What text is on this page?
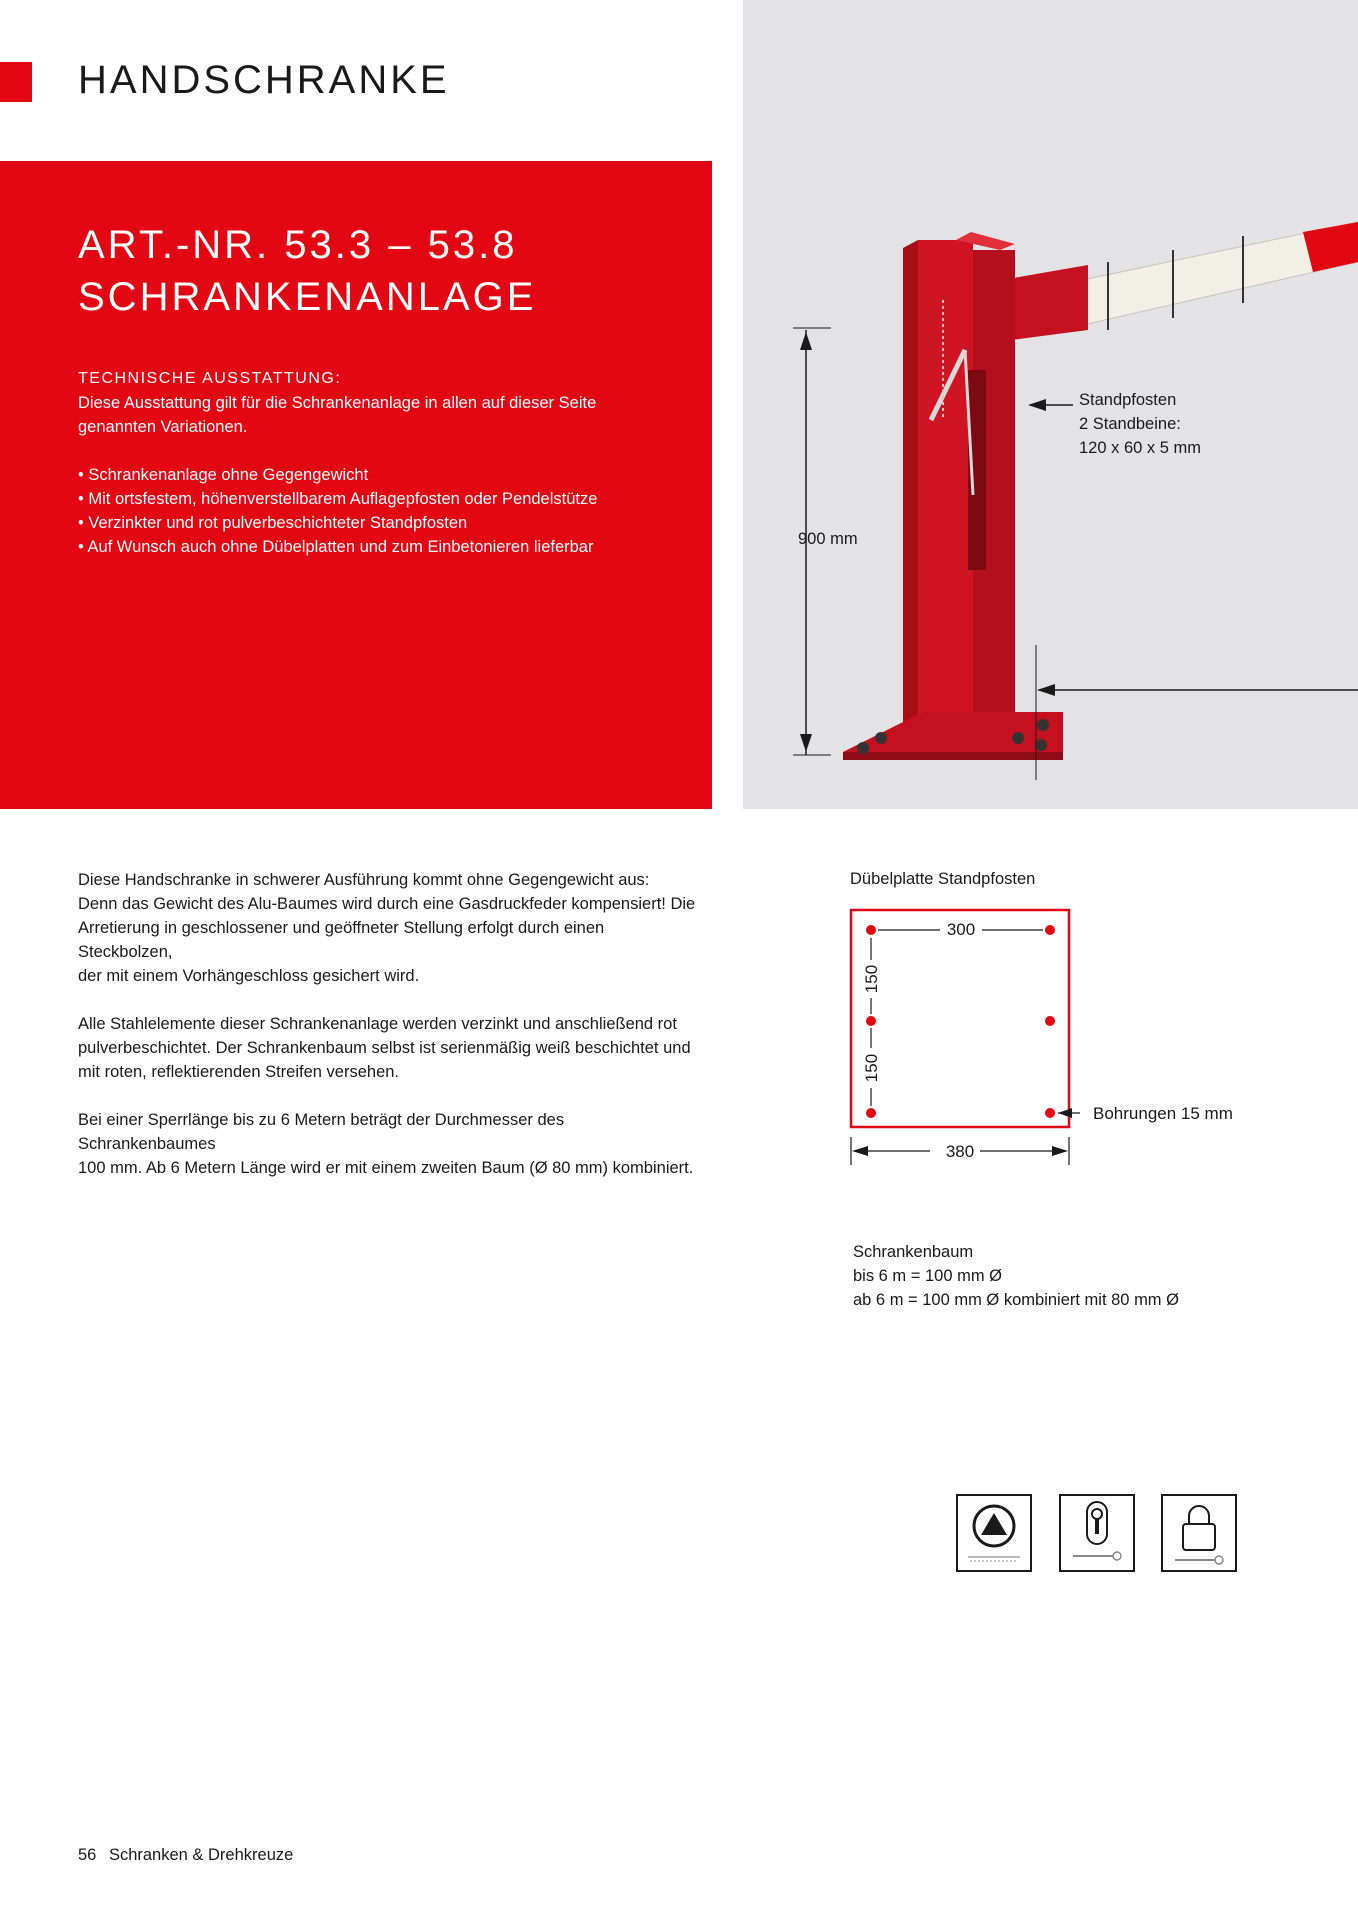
HANDSCHRANKE
ART.-NR. 53.3 – 53.8
SCHRANKENANLAGE
TECHNISCHE AUSSTATTUNG:
Diese Ausstattung gilt für die Schrankenanlage in allen auf dieser Seite
genannten Variationen.
• Schrankenanlage ohne Gegengewicht
• Mit ortsfestem, höhenverstellbarem Auflagepfosten oder Pendelstütze
• Verzinkter und rot pulverbeschichteter Standpfosten
• Auf Wunsch auch ohne Dübelplatten und zum Einbetonieren lieferbar	900 mm
Standpfosten
2 Standbeine:
120 x 60 x 5 mm

Diese Handschranke in schwerer Ausführung kommt ohne Gegengewicht aus:
Denn das Gewicht des Alu-Baumes wird durch eine Gasdruckfeder kompensiert! Die
Arretierung in geschlossener und geöffneter Stellung erfolgt durch einen Steckbolzen,
der mit einem Vorhängeschloss gesichert wird.

Alle Stahlelemente dieser Schrankenanlage werden verzinkt und anschließend rot
pulverbeschichtet. Der Schrankenbaum selbst ist serienmäßig weiß beschichtet und
mit roten, reflektierenden Streifen versehen.

Bei einer Sperrlänge bis zu 6 Metern beträgt der Durchmesser des Schrankenbaumes
100 mm. Ab 6 Metern Länge wird er mit einem zweiten Baum (Ø 80 mm) kombiniert.

Dübelplatte Standpfosten
300
150
150
380
Bohrungen 15 mm
Schrankenbaum
bis 6 m = 100 mm Ø
ab 6 m = 100 mm Ø kombiniert mit 80 mm Ø
56 Schranken & Drehkreuze
